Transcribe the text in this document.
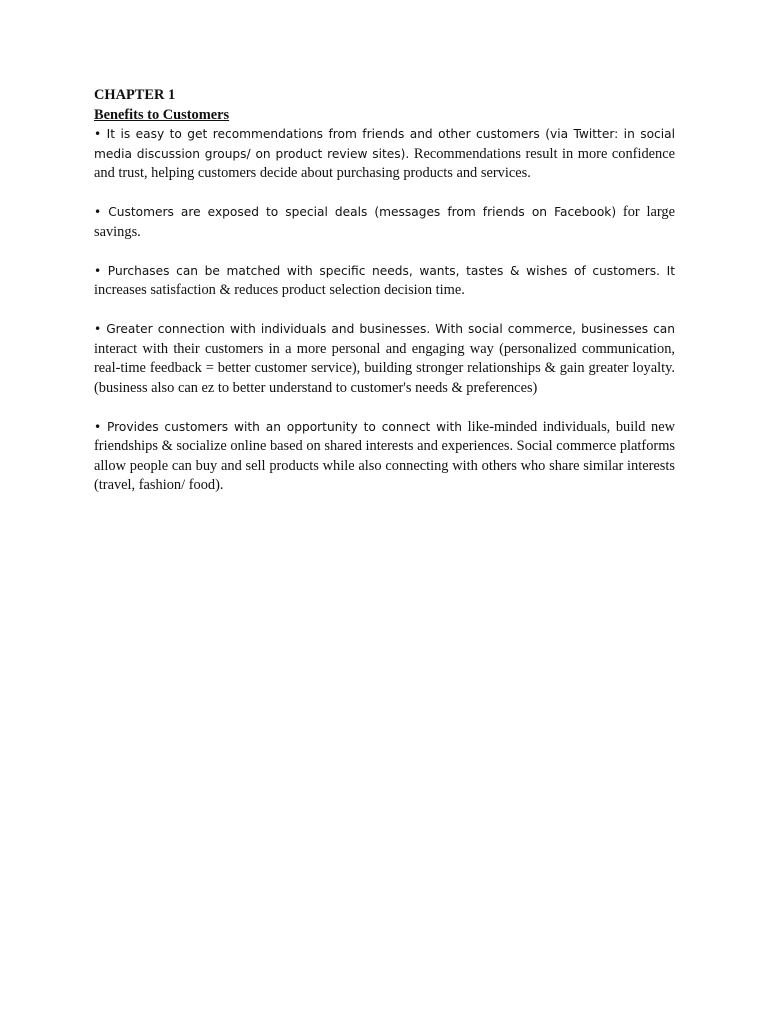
CHAPTER 1

Benefits to Customers

• It is easy to get recommendations from friends and other customers (via Twitter: in social media discussion groups/ on product review sites). Recommendations result in more confidence and trust, helping customers decide about purchasing products and services.

• Customers are exposed to special deals (messages from friends on Facebook) for large savings.

• Purchases can be matched with specific needs, wants, tastes & wishes of customers. It increases satisfaction & reduces product selection decision time.

• Greater connection with individuals and businesses. With social commerce, businesses can interact with their customers in a more personal and engaging way (personalized communication, real-time feedback = better customer service), building stronger relationships & gain greater loyalty. (business also can ez to better understand to customer's needs & preferences)

• Provides customers with an opportunity to connect with like-minded individuals, build new friendships & socialize online based on shared interests and experiences. Social commerce platforms allow people can buy and sell products while also connecting with others who share similar interests (travel, fashion/ food).
